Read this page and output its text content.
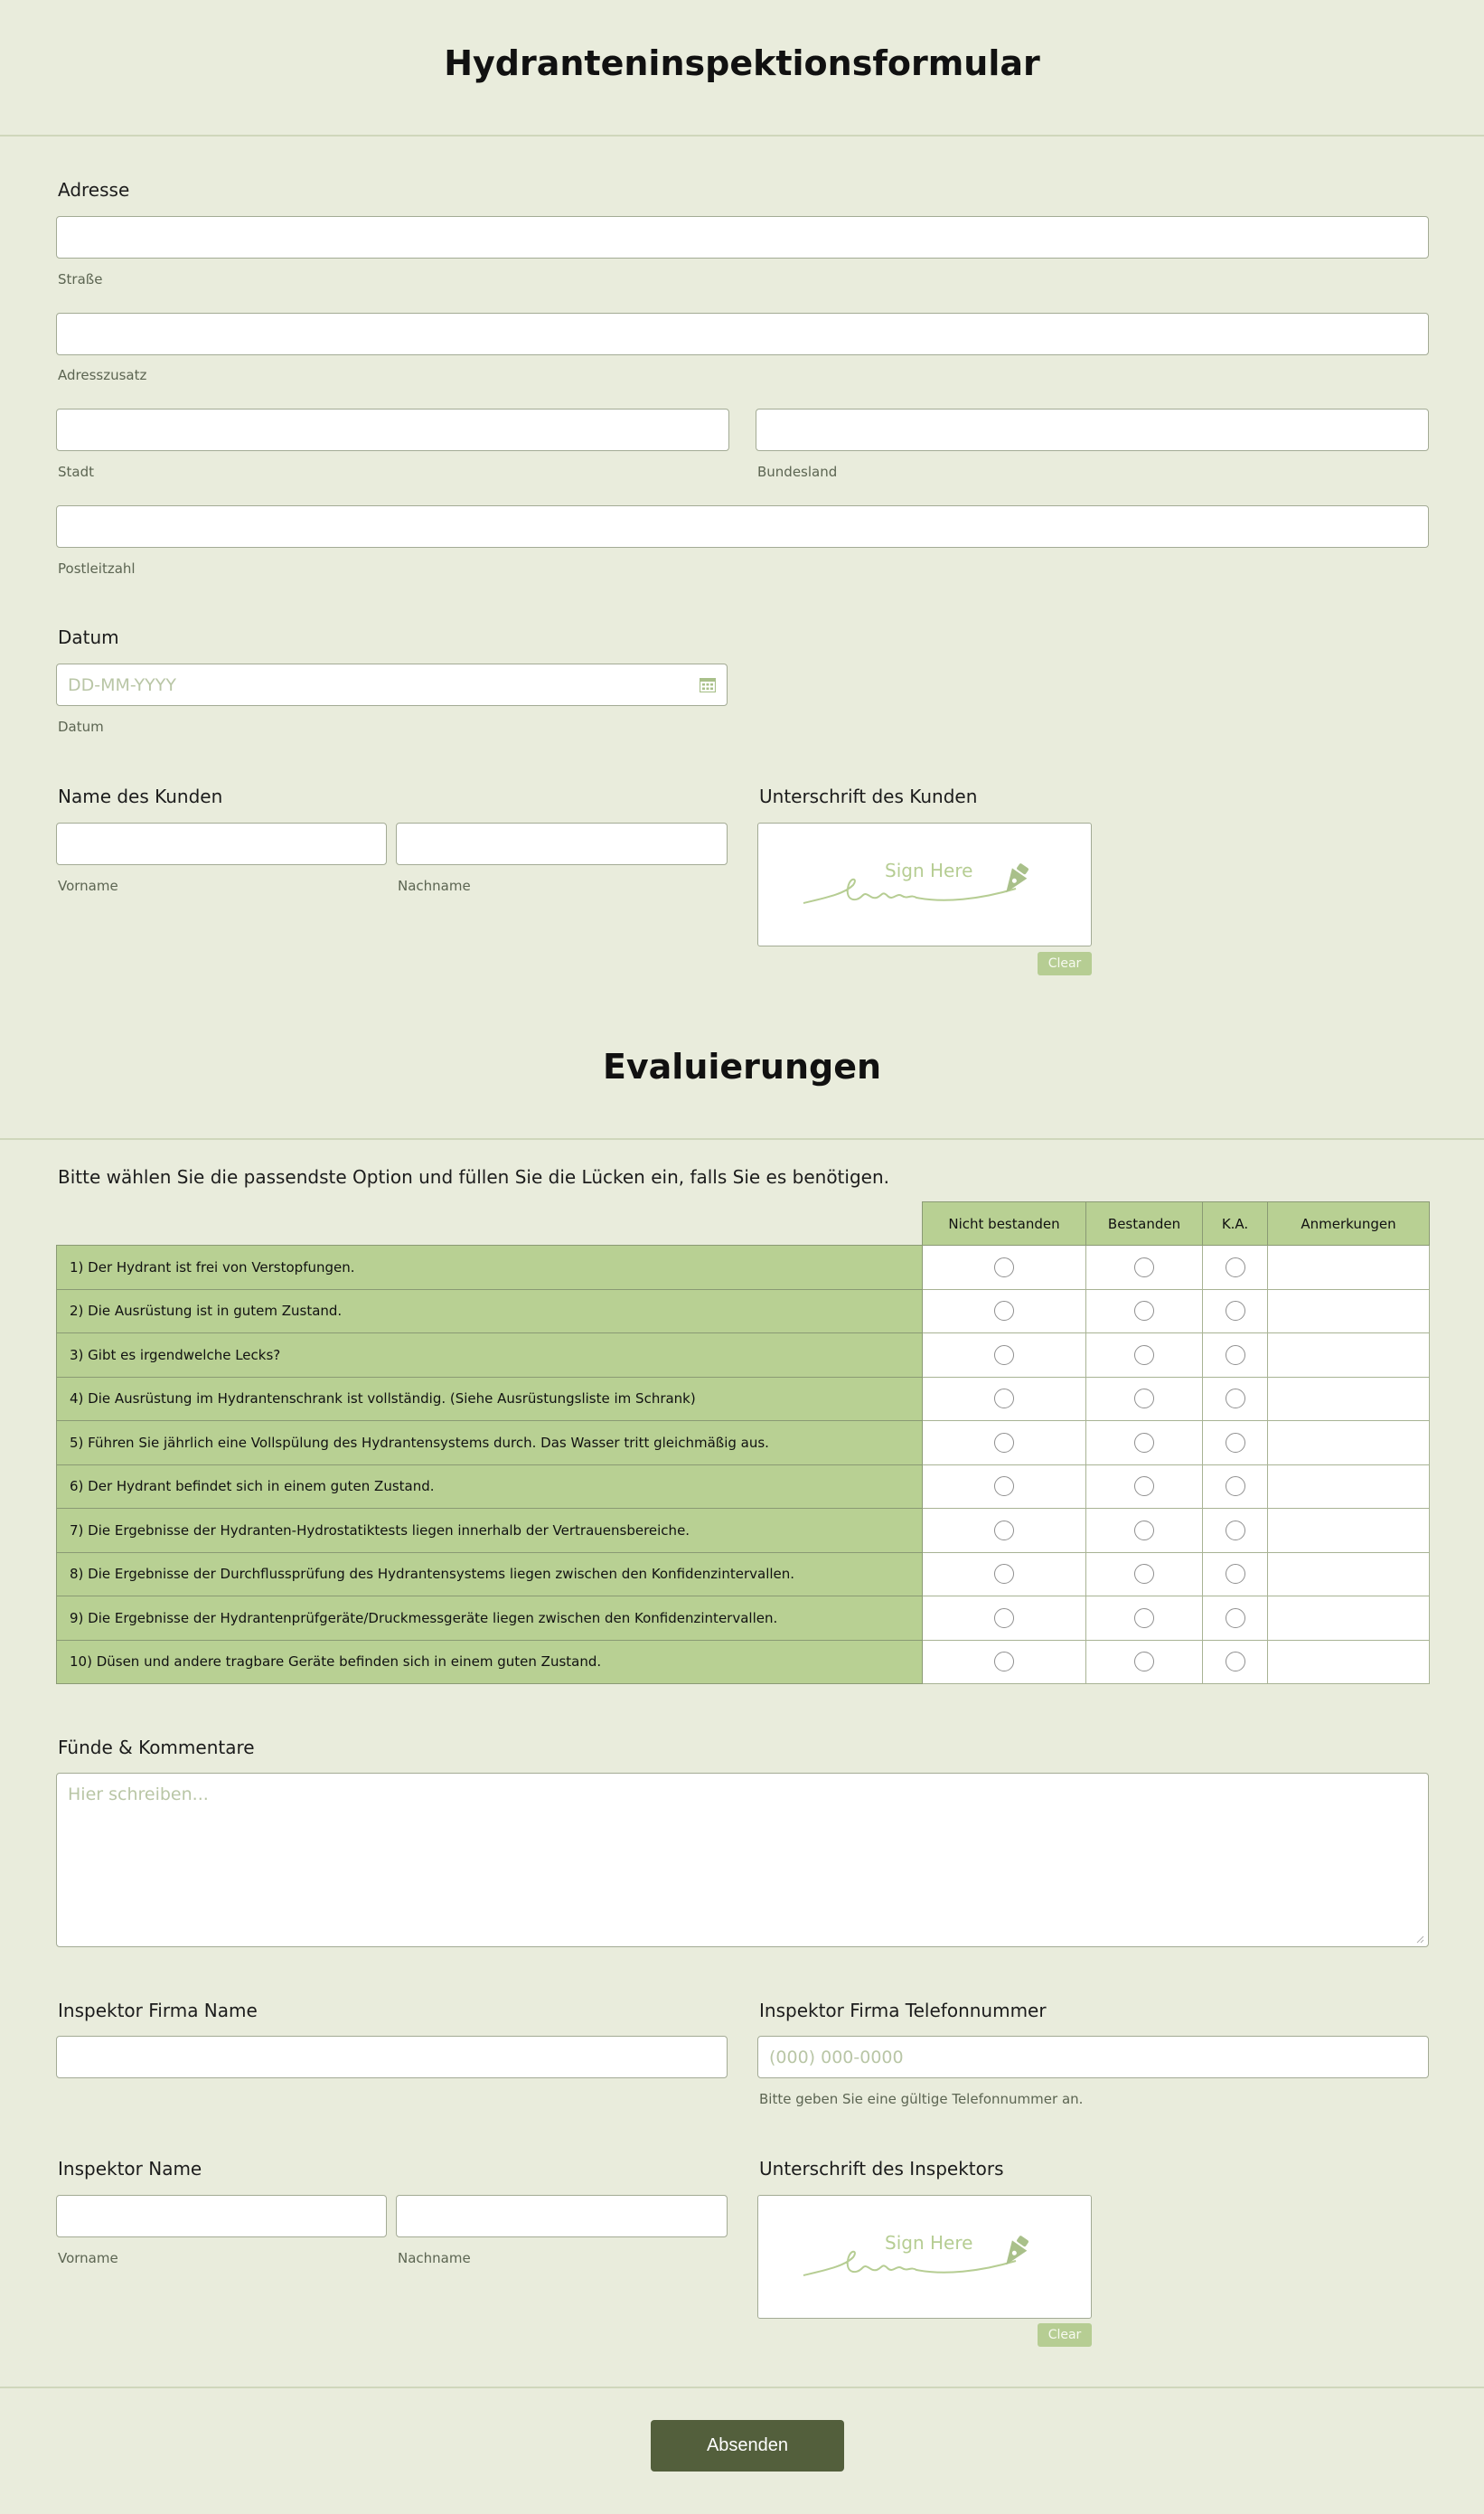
Hydranteninspektionsformular
Adresse
Straße
Adresszusatz
Stadt	Bundesland
Postleitzahl
Datum
DD-MM-YYYY
Datum
Name des Kunden
Vorname	Nachname
Unterschrift des Kunden
Sign Here
Clear
Evaluierungen
Bitte wählen Sie die passendste Option und füllen Sie die Lücken ein, falls Sie es benötigen.
	Nicht bestanden	Bestanden	K.A.	Anmerkungen
1) Der Hydrant ist frei von Verstopfungen.				
2) Die Ausrüstung ist in gutem Zustand.				
3) Gibt es irgendwelche Lecks?				
4) Die Ausrüstung im Hydrantenschrank ist vollständig. (Siehe Ausrüstungsliste im Schrank)				
5) Führen Sie jährlich eine Vollspülung des Hydrantensystems durch. Das Wasser tritt gleichmäßig aus.				
6) Der Hydrant befindet sich in einem guten Zustand.				
7) Die Ergebnisse der Hydranten-Hydrostatiktests liegen innerhalb der Vertrauensbereiche.				
8) Die Ergebnisse der Durchflussprüfung des Hydrantensystems liegen zwischen den Konfidenzintervallen.				
9) Die Ergebnisse der Hydrantenprüfgeräte/Druckmessgeräte liegen zwischen den Konfidenzintervallen.				
10) Düsen und andere tragbare Geräte befinden sich in einem guten Zustand.				
Fünde & Kommentare
Hier schreiben...
Inspektor Firma Name	Inspektor Firma Telefonnummer
(000) 000-0000
Bitte geben Sie eine gültige Telefonnummer an.
Inspektor Name
Vorname	Nachname
Unterschrift des Inspektors
Sign Here
Clear
Absenden
